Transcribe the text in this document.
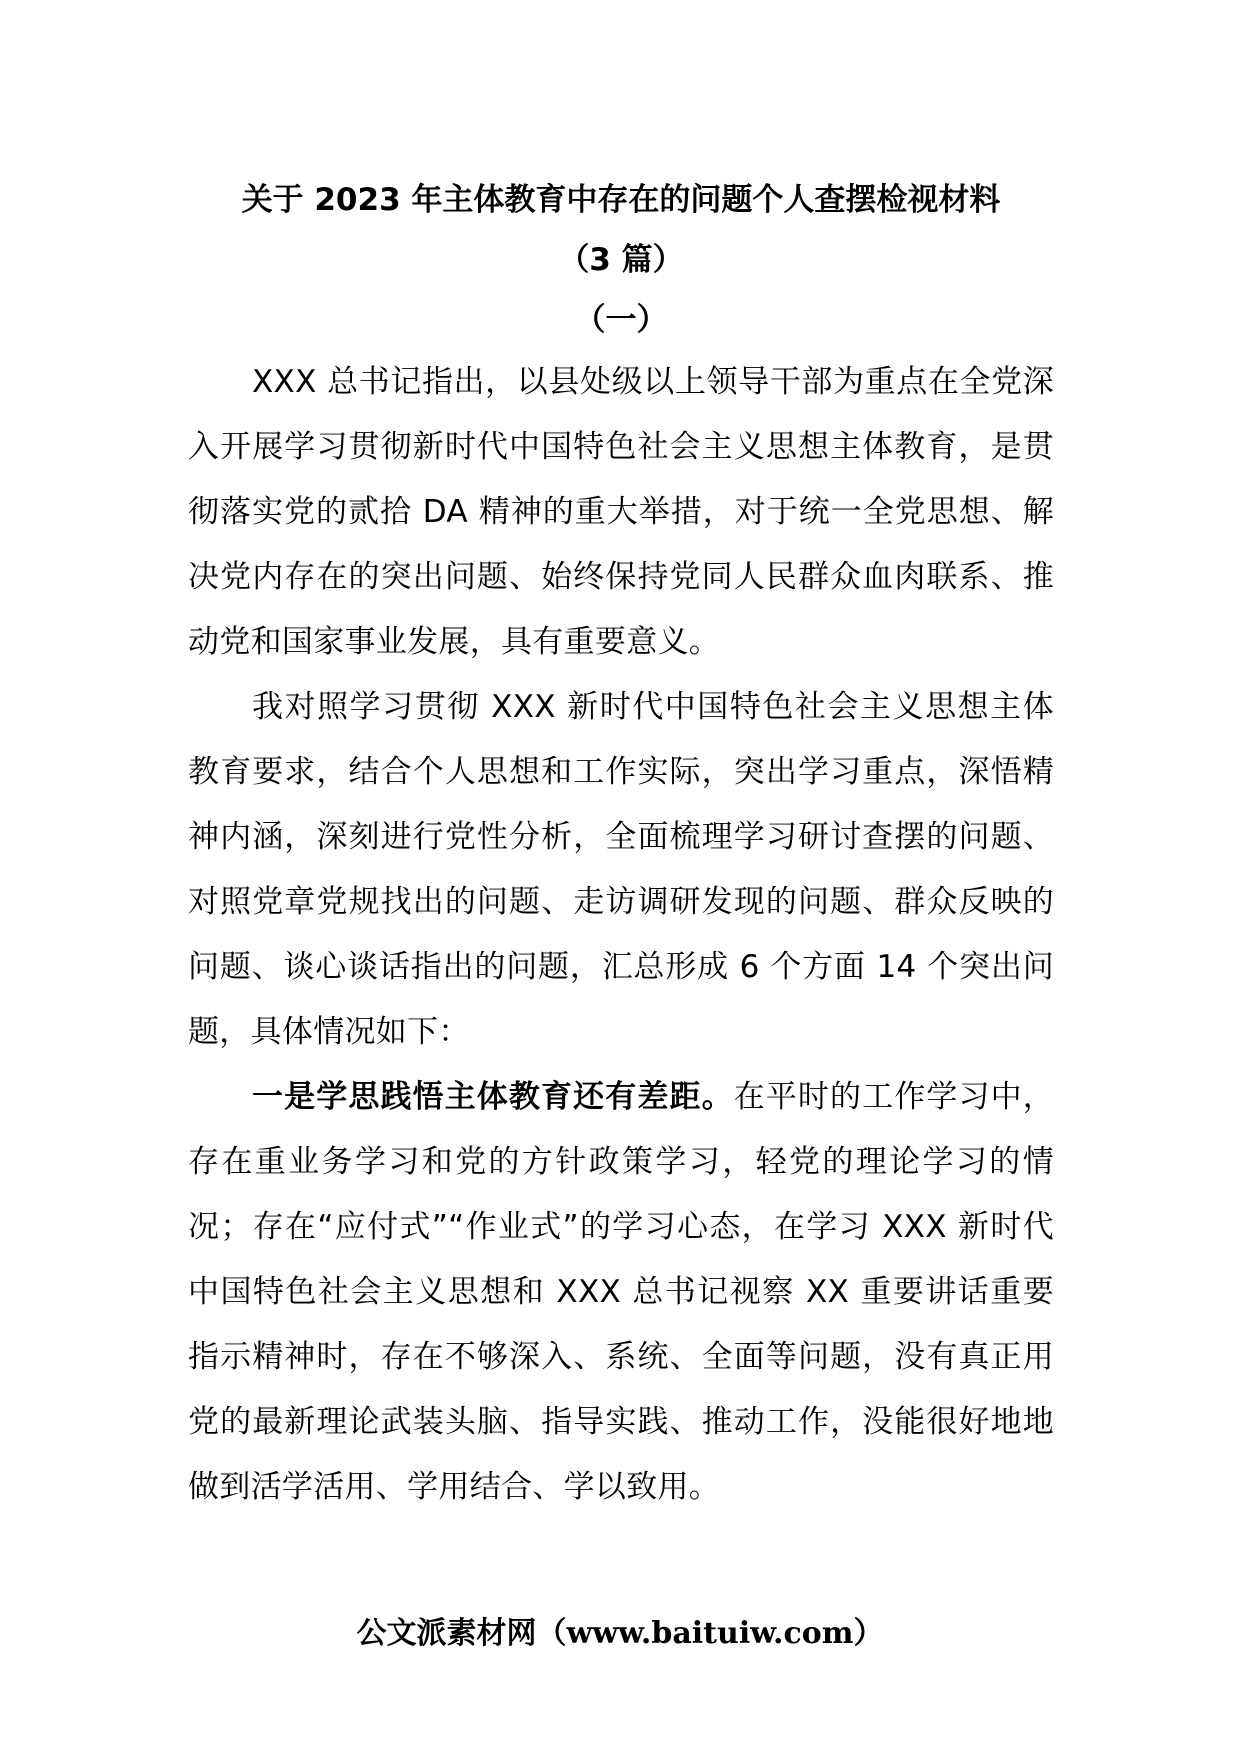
关于 2023 年主体教育中存在的问题个人查摆检视材料
（3 篇）
（一）

XXX 总书记指出，以县处级以上领导干部为重点在全党深入开展学习贯彻新时代中国特色社会主义思想主体教育，是贯彻落实党的贰拾 DA 精神的重大举措，对于统一全党思想、解决党内存在的突出问题、始终保持党同人民群众血肉联系、推动党和国家事业发展，具有重要意义。

我对照学习贯彻 XXX 新时代中国特色社会主义思想主体教育要求，结合个人思想和工作实际，突出学习重点，深悟精神内涵，深刻进行党性分析，全面梳理学习研讨查摆的问题、对照党章党规找出的问题、走访调研发现的问题、群众反映的问题、谈心谈话指出的问题，汇总形成 6 个方面 14 个突出问题，具体情况如下：

一是学思践悟主体教育还有差距。在平时的工作学习中，存在重业务学习和党的方针政策学习，轻党的理论学习的情况；存在“应付式”“作业式”的学习心态，在学习 XXX 新时代中国特色社会主义思想和 XXX 总书记视察 XX 重要讲话重要指示精神时，存在不够深入、系统、全面等问题，没有真正用党的最新理论武装头脑、指导实践、推动工作，没能很好地地做到活学活用、学用结合、学以致用。

公文派素材网（www.baituiw.com）
